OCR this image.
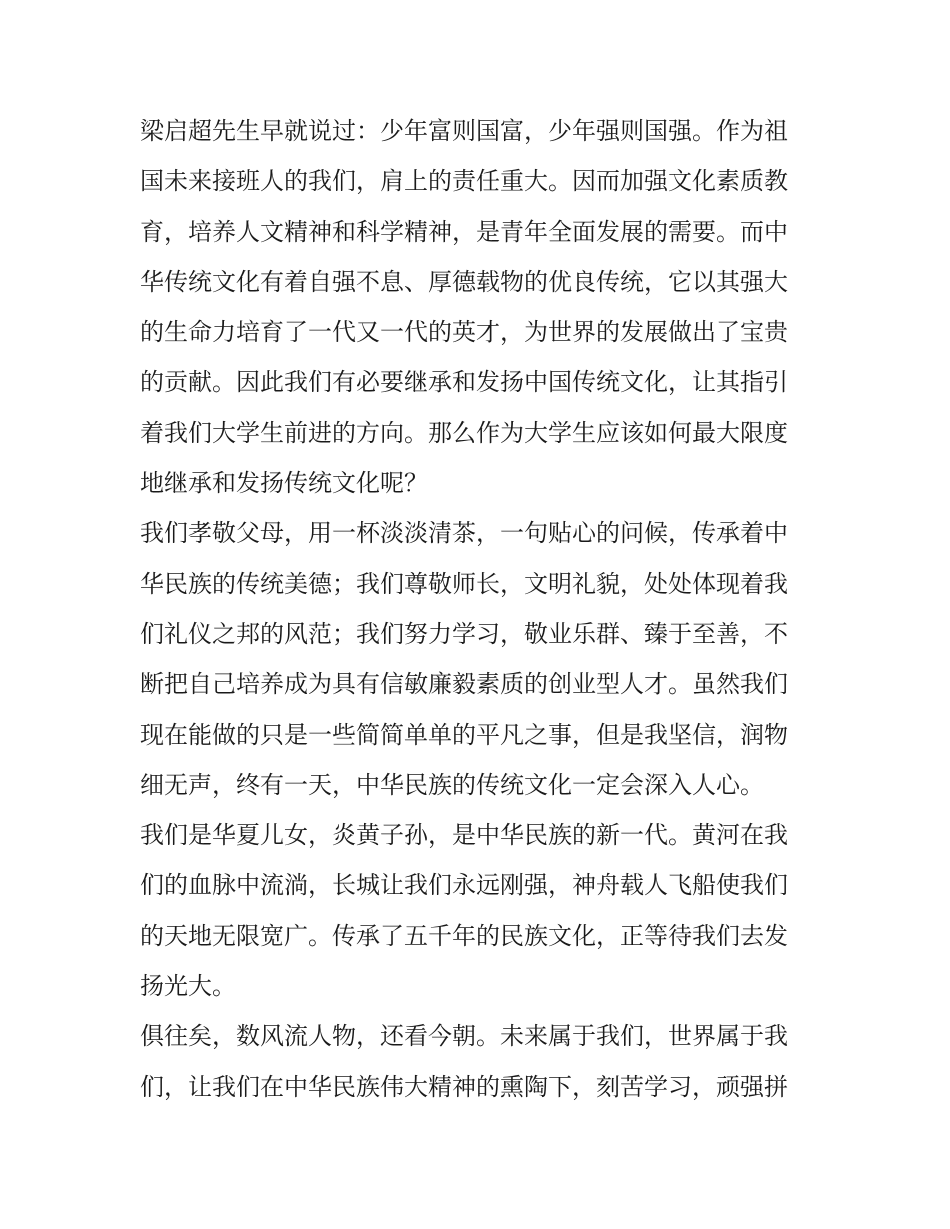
梁启超先生早就说过：少年富则国富，少年强则国强。作为祖
国未来接班人的我们，肩上的责任重大。因而加强文化素质教
育，培养人文精神和科学精神，是青年全面发展的需要。而中
华传统文化有着自强不息、厚德载物的优良传统，它以其强大
的生命力培育了一代又一代的英才，为世界的发展做出了宝贵
的贡献。因此我们有必要继承和发扬中国传统文化，让其指引
着我们大学生前进的方向。那么作为大学生应该如何最大限度
地继承和发扬传统文化呢？
我们孝敬父母，用一杯淡淡清茶，一句贴心的问候，传承着中
华民族的传统美德；我们尊敬师长，文明礼貌，处处体现着我
们礼仪之邦的风范；我们努力学习，敬业乐群、臻于至善，不
断把自己培养成为具有信敏廉毅素质的创业型人才。虽然我们
现在能做的只是一些简简单单的平凡之事，但是我坚信，润物
细无声，终有一天，中华民族的传统文化一定会深入人心。
我们是华夏儿女，炎黄子孙，是中华民族的新一代。黄河在我
们的血脉中流淌，长城让我们永远刚强，神舟载人飞船使我们
的天地无限宽广。传承了五千年的民族文化，正等待我们去发
扬光大。
俱往矣，数风流人物，还看今朝。未来属于我们，世界属于我
们，让我们在中华民族伟大精神的熏陶下，刻苦学习，顽强拼
